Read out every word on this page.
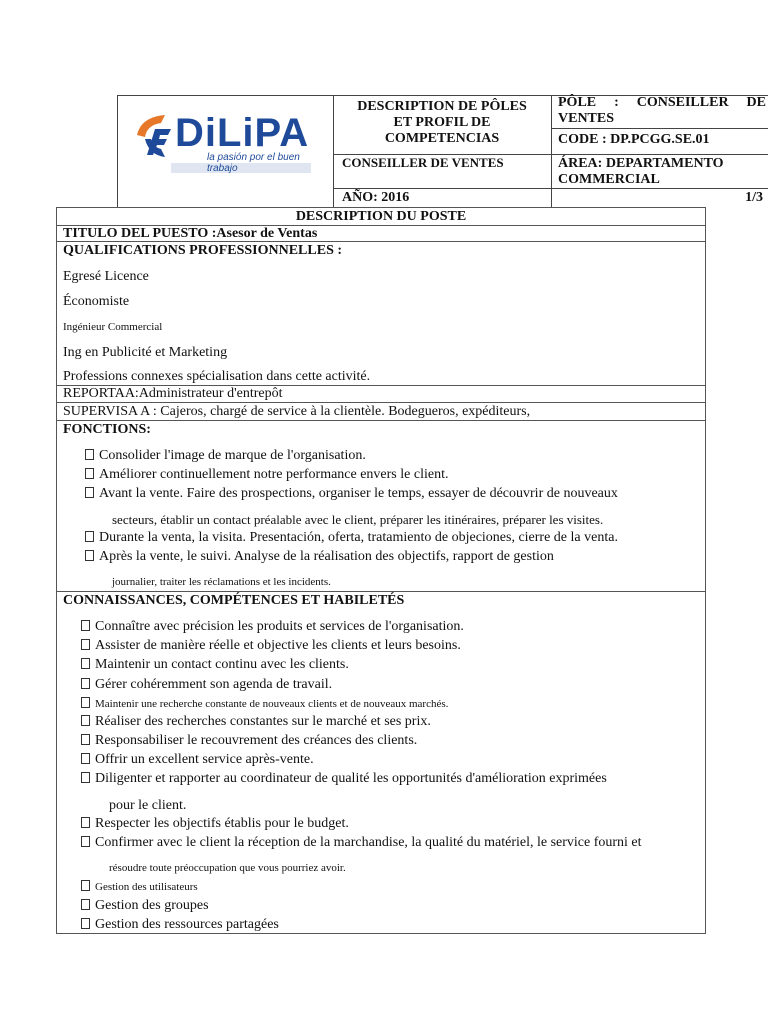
DiLiPA
la pasión por el buen trabajo
DESCRIPTION DE PÔLES ET PROFIL DE COMPETENCIAS
PÔLE : CONSEILLER DE VENTES
CODE : DP.PCGG.SE.01
CONSEILLER DE VENTES	ÁREA: DEPARTAMENTO COMMERCIAL
AÑO: 2016	1/3
DESCRIPTION DU POSTE
TITULO DEL PUESTO :Asesor de Ventas
QUALIFICATIONS PROFESSIONNELLES :
Egresé Licence
Économiste
Ingénieur Commercial
Ing en Publicité et Marketing
Professions connexes spécialisation dans cette activité.
REPORTAA:Administrateur d'entrepôt
SUPERVISA A : Cajeros, chargé de service à la clientèle. Bodegueros, expéditeurs,
FONCTIONS:
Consolider l'image de marque de l'organisation.
Améliorer continuellement notre performance envers le client.
Avant la vente. Faire des prospections, organiser le temps, essayer de découvrir de nouveaux
secteurs, établir un contact préalable avec le client, préparer les itinéraires, préparer les visites.
Durante la venta, la visita. Presentación, oferta, tratamiento de objeciones, cierre de la venta.
Après la vente, le suivi. Analyse de la réalisation des objectifs, rapport de gestion
journalier, traiter les réclamations et les incidents.
CONNAISSANCES, COMPÉTENCES ET HABILETÉS
Connaître avec précision les produits et services de l'organisation.
Assister de manière réelle et objective les clients et leurs besoins.
Maintenir un contact continu avec les clients.
Gérer cohéremment son agenda de travail.
Maintenir une recherche constante de nouveaux clients et de nouveaux marchés.
Réaliser des recherches constantes sur le marché et ses prix.
Responsabiliser le recouvrement des créances des clients.
Offrir un excellent service après-vente.
Diligenter et rapporter au coordinateur de qualité les opportunités d'amélioration exprimées
pour le client.
Respecter les objectifs établis pour le budget.
Confirmer avec le client la réception de la marchandise, la qualité du matériel, le service fourni et
résoudre toute préoccupation que vous pourriez avoir.
Gestion des utilisateurs
Gestion des groupes
Gestion des ressources partagées
